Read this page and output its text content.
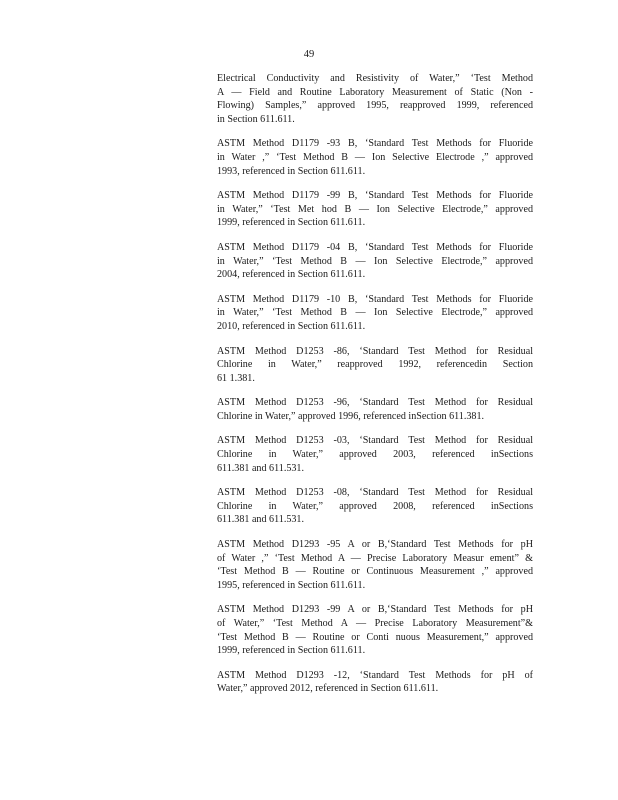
49
Electrical Conductivity and Resistivity of Water,” ‘Test Method
A — Field and Routine Laboratory Measurement of Static (Non -
Flowing) Samples,” approved 1995, reapproved 1999, referenced
in Section 611.611.
ASTM Method D1179 -93 B, ‘Standard Test Methods for Fluoride
in Water ,” ‘Test Method B — Ion Selective Electrode ,” approved
1993, referenced in Section 611.611.
ASTM Method D1179 -99 B, ‘Standard Test Methods for Fluoride
in Water,” ‘Test Met hod B — Ion Selective Electrode,” approved
1999, referenced in Section 611.611.
ASTM Method D1179 -04 B, ‘Standard Test Methods for Fluoride
in Water,” ‘Test Method B — Ion Selective Electrode,” approved
2004, referenced in Section 611.611.
ASTM Method D1179 -10 B, ‘Standard Test Methods for Fluoride
in Water,” ‘Test Method B — Ion Selective Electrode,” approved
2010, referenced in Section 611.611.
ASTM Method D1253 -86, ‘Standard Test Method for Residual
Chlorine in Water,” reapproved 1992, referencedin Section
61 1.381.
ASTM Method D1253 -96, ‘Standard Test Method for Residual
Chlorine in Water,” approved 1996, referenced inSection 611.381.
ASTM Method D1253 -03, ‘Standard Test Method for Residual
Chlorine in Water,” approved 2003, referenced inSections
611.381 and 611.531.
ASTM Method D1253 -08, ‘Standard Test Method for Residual
Chlorine in Water,” approved 2008, referenced inSections
611.381 and 611.531.
ASTM Method D1293 -95 A or B,‘Standard Test Methods for pH
of Water ,” ‘Test Method A — Precise Laboratory Measur ement” &
‘Test Method B — Routine or Continuous Measurement ,” approved
1995, referenced in Section 611.611.
ASTM Method D1293 -99 A or B,‘Standard Test Methods for pH
of Water,” ‘Test Method A — Precise Laboratory Measurement”&
‘Test Method B — Routine or Conti nuous Measurement,” approved
1999, referenced in Section 611.611.
ASTM Method D1293 -12, ‘Standard Test Methods for pH of
Water,” approved 2012, referenced in Section 611.611.
